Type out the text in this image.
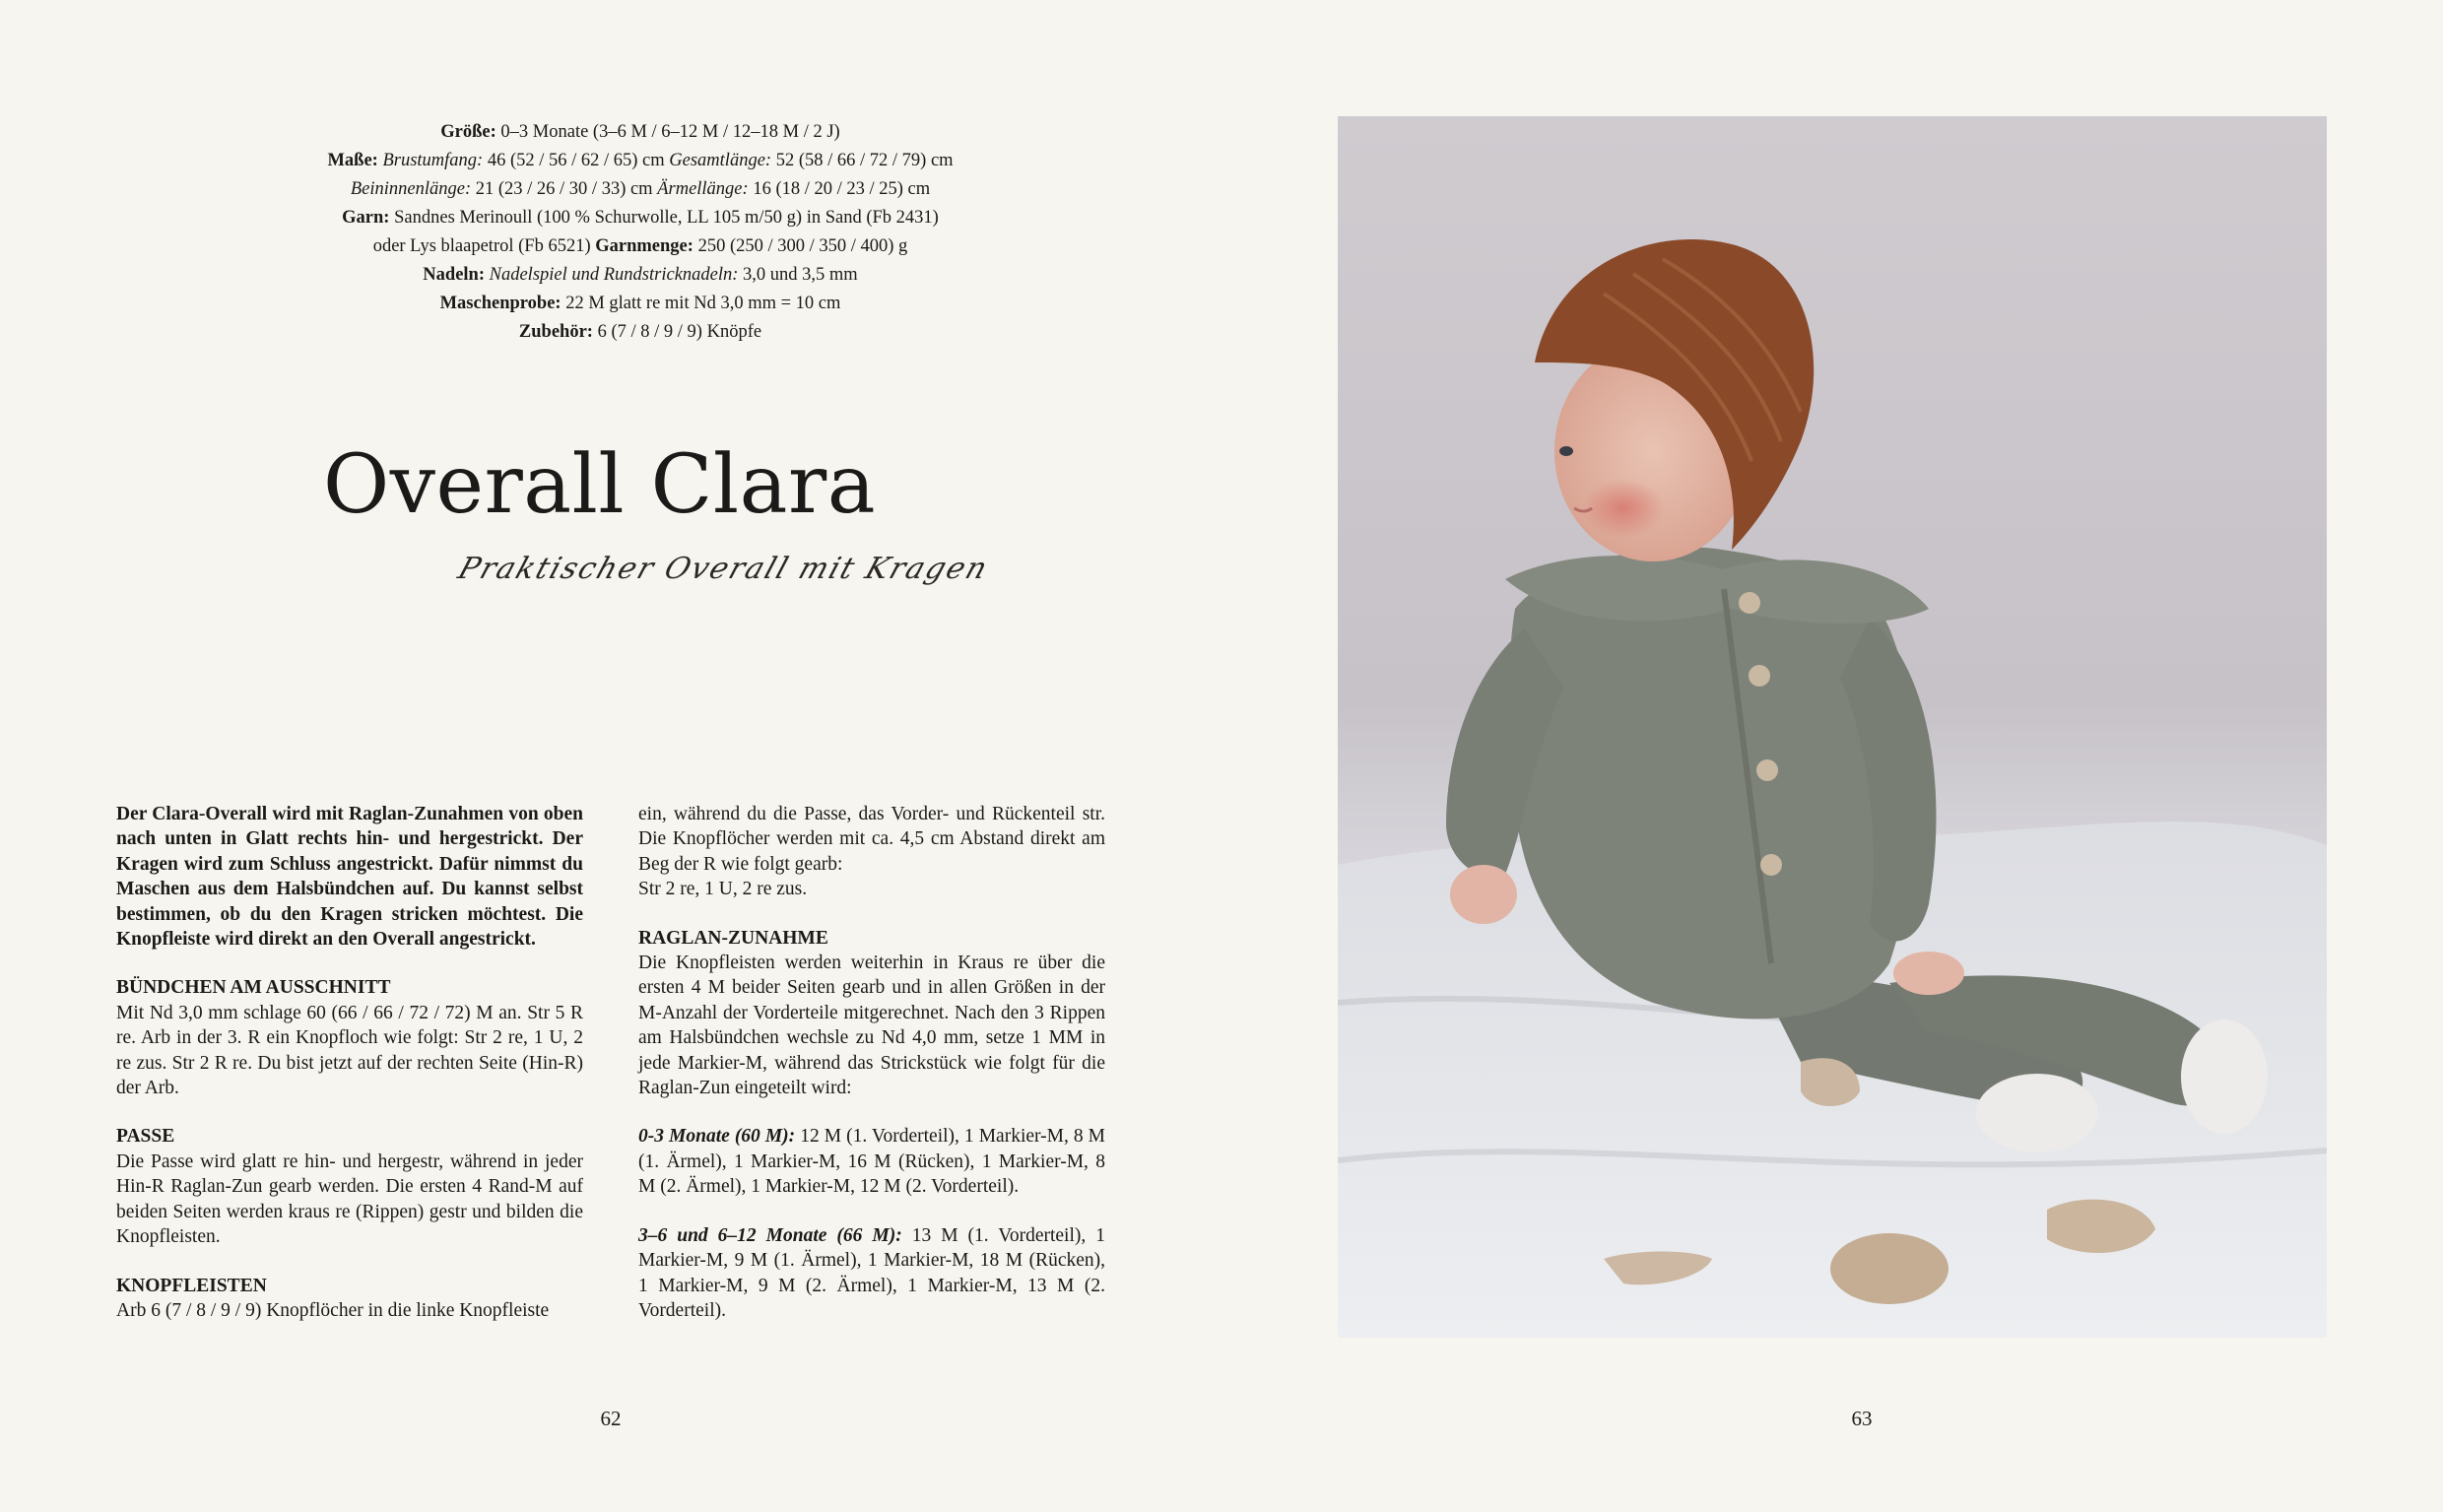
Größe: 0–3 Monate (3–6 M / 6–12 M / 12–18 M / 2 J)
Maße: Brustumfang: 46 (52 / 56 / 62 / 65) cm Gesamtlänge: 52 (58 / 66 / 72 / 79) cm
Beininnenlänge: 21 (23 / 26 / 30 / 33) cm Ärmellänge: 16 (18 / 20 / 23 / 25) cm
Garn: Sandnes Merinoull (100 % Schurwolle, LL 105 m/50 g) in Sand (Fb 2431)
oder Lys blaapetrol (Fb 6521) Garnmenge: 250 (250 / 300 / 350 / 400) g
Nadeln: Nadelspiel und Rundstricknadeln: 3,0 und 3,5 mm
Maschenprobe: 22 M glatt re mit Nd 3,0 mm = 10 cm
Zubehör: 6 (7 / 8 / 9 / 9) Knöpfe
Overall Clara
Praktischer Overall mit Kragen

Der Clara-Overall wird mit Raglan-Zunahmen von oben nach unten in Glatt rechts hin- und hergestrickt. Der Kragen wird zum Schluss angestrickt. Dafür nimmst du Maschen aus dem Halsbündchen auf. Du kannst selbst bestimmen, ob du den Kragen stricken möchtest. Die Knopfleiste wird direkt an den Overall angestrickt.

BÜNDCHEN AM AUSSCHNITT

Mit Nd 3,0 mm schlage 60 (66 / 66 / 72 / 72) M an. Str 5 R re. Arb in der 3. R ein Knopfloch wie folgt: Str 2 re, 1 U, 2 re zus. Str 2 R re. Du bist jetzt auf der rechten Seite (Hin-R) der Arb.

PASSE

Die Passe wird glatt re hin- und hergestr, während in jeder Hin-R Raglan-Zun gearb werden. Die ersten 4 Rand-M auf beiden Seiten werden kraus re (Rippen) gestr und bilden die Knopfleisten.

KNOPFLEISTEN

Arb 6 (7 / 8 / 9 / 9) Knopflöcher in die linke Knopfleiste

ein, während du die Passe, das Vorder- und Rückenteil str. Die Knopflöcher werden mit ca. 4,5 cm Abstand direkt am Beg der R wie folgt gearb:

Str 2 re, 1 U, 2 re zus.

RAGLAN-ZUNAHME

Die Knopfleisten werden weiterhin in Kraus re über die ersten 4 M beider Seiten gearb und in allen Größen in der M-Anzahl der Vorderteile mitgerechnet. Nach den 3 Rippen am Halsbündchen wechsle zu Nd 4,0 mm, setze 1 MM in jede Markier-M, während das Strickstück wie folgt für die Raglan-Zun eingeteilt wird:

0-3 Monate (60 M): 12 M (1. Vorderteil), 1 Markier-M, 8 M (1. Ärmel), 1 Markier-M, 16 M (Rücken), 1 Markier-M, 8 M (2. Ärmel), 1 Markier-M, 12 M (2. Vorderteil).

3–6 und 6–12 Monate (66 M): 13 M (1. Vorderteil), 1 Markier-M, 9 M (1. Ärmel), 1 Markier-M, 18 M (Rücken), 1 Markier-M, 9 M (2. Ärmel), 1 Markier-M, 13 M (2. Vorderteil).

62	63
